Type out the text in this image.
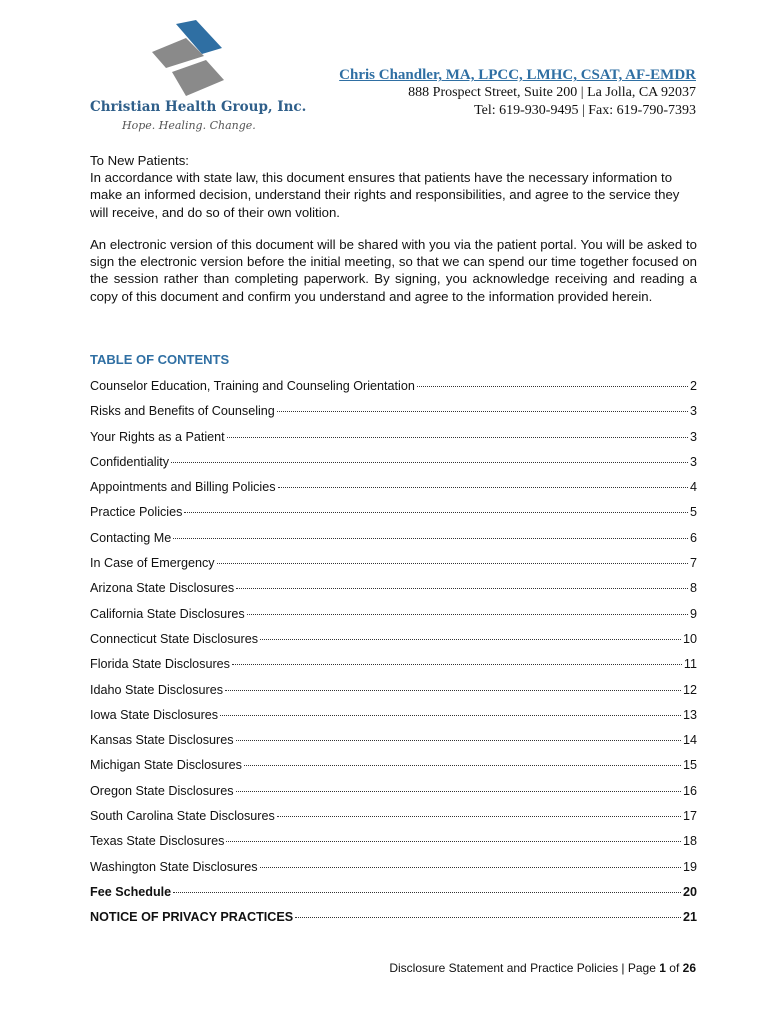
Christian Health Group, Inc.
Hope. Healing. Change.
Chris Chandler, MA, LPCC, LMHC, CSAT, AF-EMDR
888 Prospect Street, Suite 200 | La Jolla, CA 92037
Tel: 619-930-9495 | Fax: 619-790-7393

To New Patients:

In accordance with state law, this document ensures that patients have the necessary information to make an informed decision, understand their rights and responsibilities, and agree to the service they will receive, and do so of their own volition.

An electronic version of this document will be shared with you via the patient portal. You will be asked to sign the electronic version before the initial meeting, so that we can spend our time together focused on the session rather than completing paperwork. By signing, you acknowledge receiving and reading a copy of this document and confirm you understand and agree to the information provided herein.
TABLE OF CONTENTS
Counselor Education, Training and Counseling Orientation	2
Risks and Benefits of Counseling	3
Your Rights as a Patient	3
Confidentiality	3
Appointments and Billing Policies	4
Practice Policies	5
Contacting Me	6
In Case of Emergency	7
Arizona State Disclosures	8
California State Disclosures	9
Connecticut State Disclosures	10
Florida State Disclosures	11
Idaho State Disclosures	12
Iowa State Disclosures	13
Kansas State Disclosures	14
Michigan State Disclosures	15
Oregon State Disclosures	16
South Carolina State Disclosures	17
Texas State Disclosures	18
Washington State Disclosures	19
Fee Schedule	20
NOTICE OF PRIVACY PRACTICES	21
Disclosure Statement and Practice Policies | Page 1 of 26
